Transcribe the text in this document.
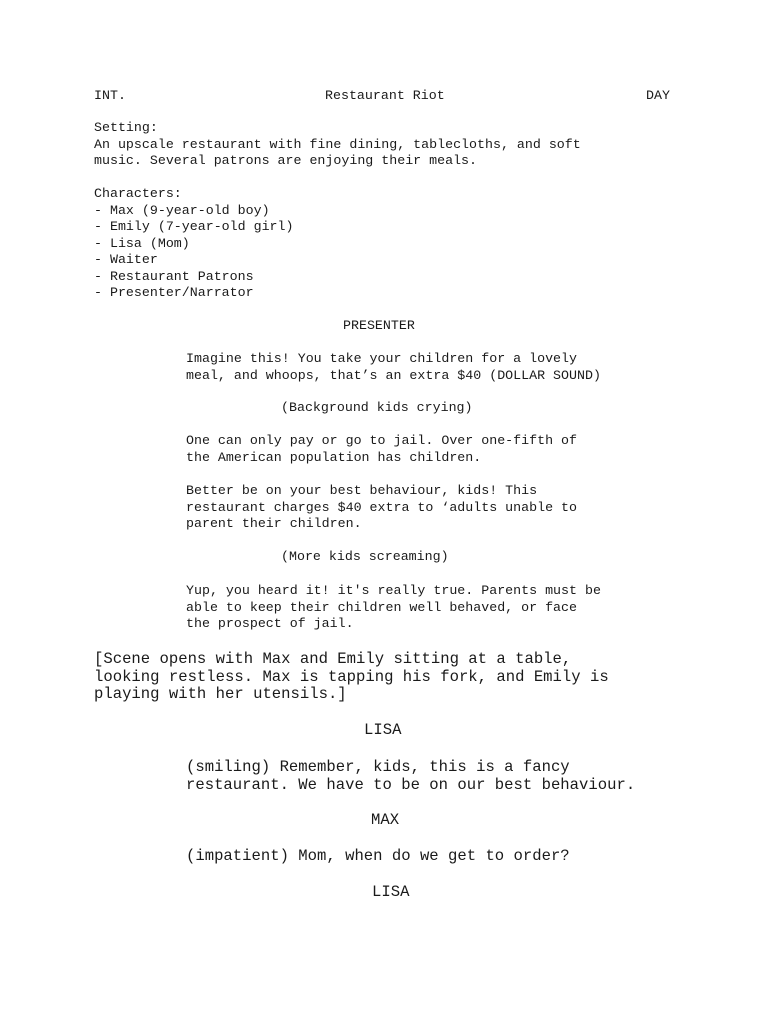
INT.	Restaurant Riot	DAY

Setting:

An upscale restaurant with fine dining, tablecloths, and soft

music. Several patrons are enjoying their meals.

Characters:

- Max (9-year-old boy)
- Emily (7-year-old girl)
- Lisa (Mom)
- Waiter
- Restaurant Patrons
- Presenter/Narrator
PRESENTER

Imagine this! You take your children for a lovely

meal, and whoops, that’s an extra $40 (DOLLAR SOUND)

(Background kids crying)

One can only pay or go to jail. Over one-fifth of

the American population has children.

Better be on your best behaviour, kids! This

restaurant charges $40 extra to ‘adults unable to

parent their children.

(More kids screaming)

Yup, you heard it! it's really true. Parents must be

able to keep their children well behaved, or face

the prospect of jail.

[Scene opens with Max and Emily sitting at a table,

looking restless. Max is tapping his fork, and Emily is

playing with her utensils.]

LISA

(smiling) Remember, kids, this is a fancy

restaurant. We have to be on our best behaviour.

MAX

(impatient) Mom, when do we get to order?

LISA
